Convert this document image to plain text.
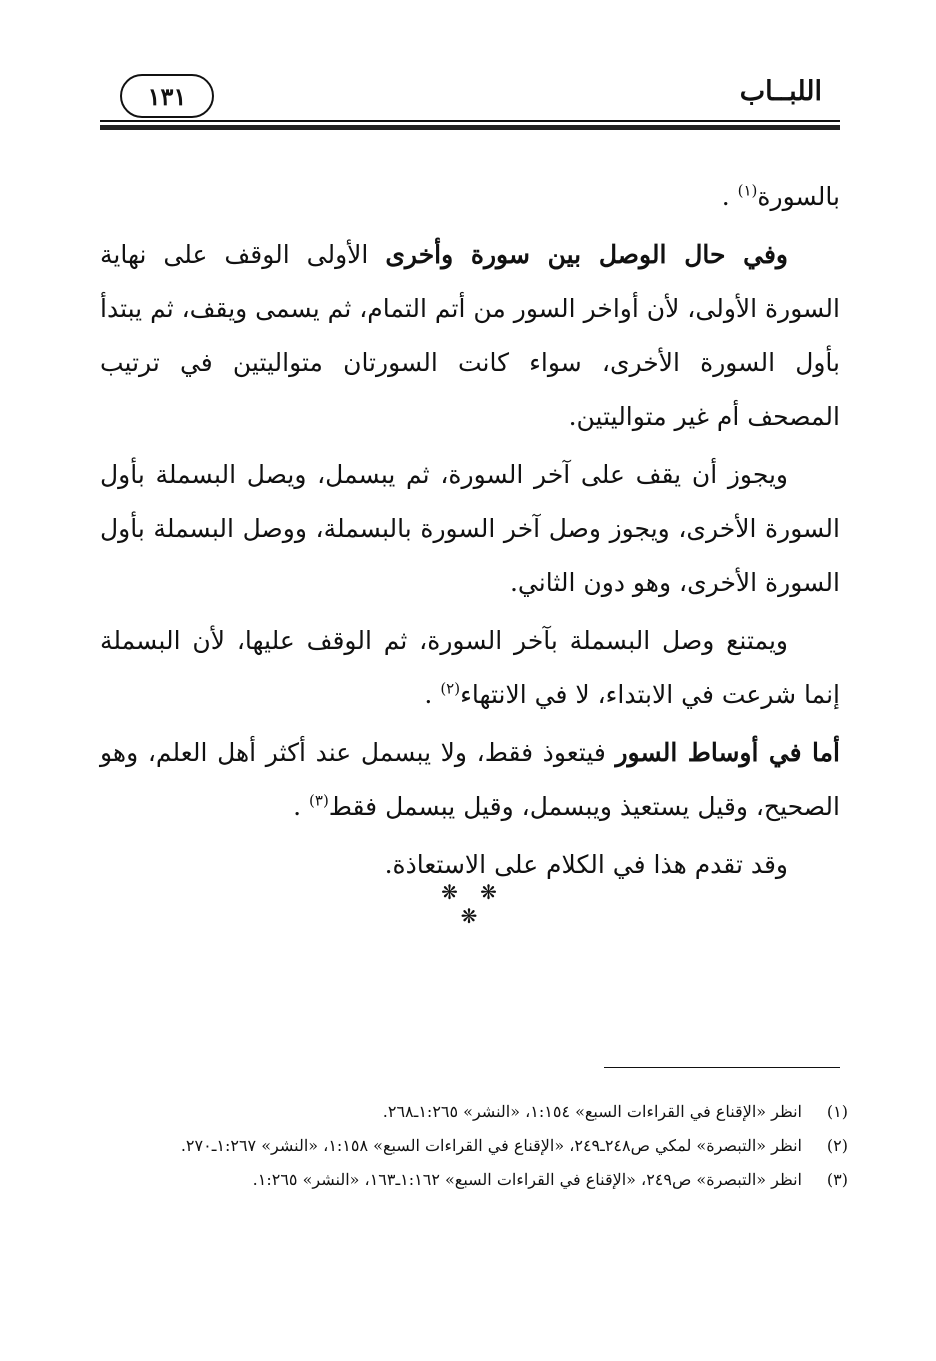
١٣١	اللبــاب

بالسورة$^{(١)}$ .

وفي حال الوصل بين سورة وأخرى الأولى الوقف على نهاية السورة الأولى، لأن أواخر السور من أتم التمام، ثم يسمى ويقف، ثم يبتدأ بأول السورة الأخرى، سواء كانت السورتان متواليتين في ترتيب المصحف أم غير متواليتين.

ويجوز أن يقف على آخر السورة، ثم يبسمل، ويصل البسملة بأول السورة الأخرى، ويجوز وصل آخر السورة بالبسملة، ووصل البسملة بأول السورة الأخرى، وهو دون الثاني.

ويمتنع وصل البسملة بآخر السورة، ثم الوقف عليها، لأن البسملة إنما شرعت في الابتداء، لا في الانتهاء$^{(٢)}$ .

أما في أوساط السور فيتعوذ فقط، ولا يبسمل عند أكثر أهل العلم، وهو الصحيح، وقيل يستعيذ ويبسمل، وقيل يبسمل فقط$^{(٣)}$ .

وقد تقدم هذا في الكلام على الاستعاذة.

❋ ❋ ❋
(١)
انظر «الإقناع في القراءات السبع» ١:١٥٤، «النشر» ١:٢٦٥ـ٢٦٨.
(٢)
انظر «التبصرة» لمكي ص٢٤٨ـ٢٤٩، «الإقناع في القراءات السبع» ١:١٥٨، «النشر» ١:٢٦٧ـ٢٧٠.
(٣)
انظر «التبصرة» ص٢٤٩، «الإقناع في القراءات السبع» ١:١٦٢ـ١٦٣، «النشر» ١:٢٦٥.
